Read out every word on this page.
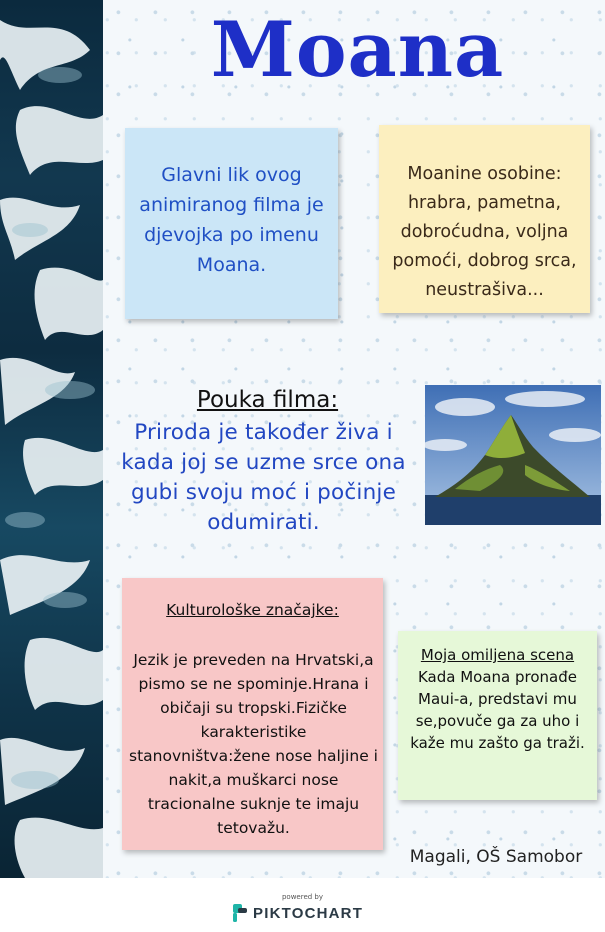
Moana
Glavni lik ovog animiranog filma je djevojka po imenu Moana.
Moanine osobine: hrabra, pametna, dobroćudna, voljna pomoći, dobrog srca, neustrašiva...
Pouka filma:
Priroda je također živa i kada joj se uzme srce ona gubi svoju moć i počinje odumirati.
Kulturološke značajke:
Jezik je preveden na Hrvatski,a pismo se ne spominje.Hrana i običaji su tropski.Fizičke karakteristike stanovništva:žene nose haljine i nakit,a muškarci nose tracionalne suknje te imaju tetovažu.
Moja omiljena scena
Kada Moana pronađe Maui-a, predstavi mu se,povuče ga za uho i kaže mu zašto ga traži.
Magali, OŠ Samobor
powered by
PIKTOCHART
